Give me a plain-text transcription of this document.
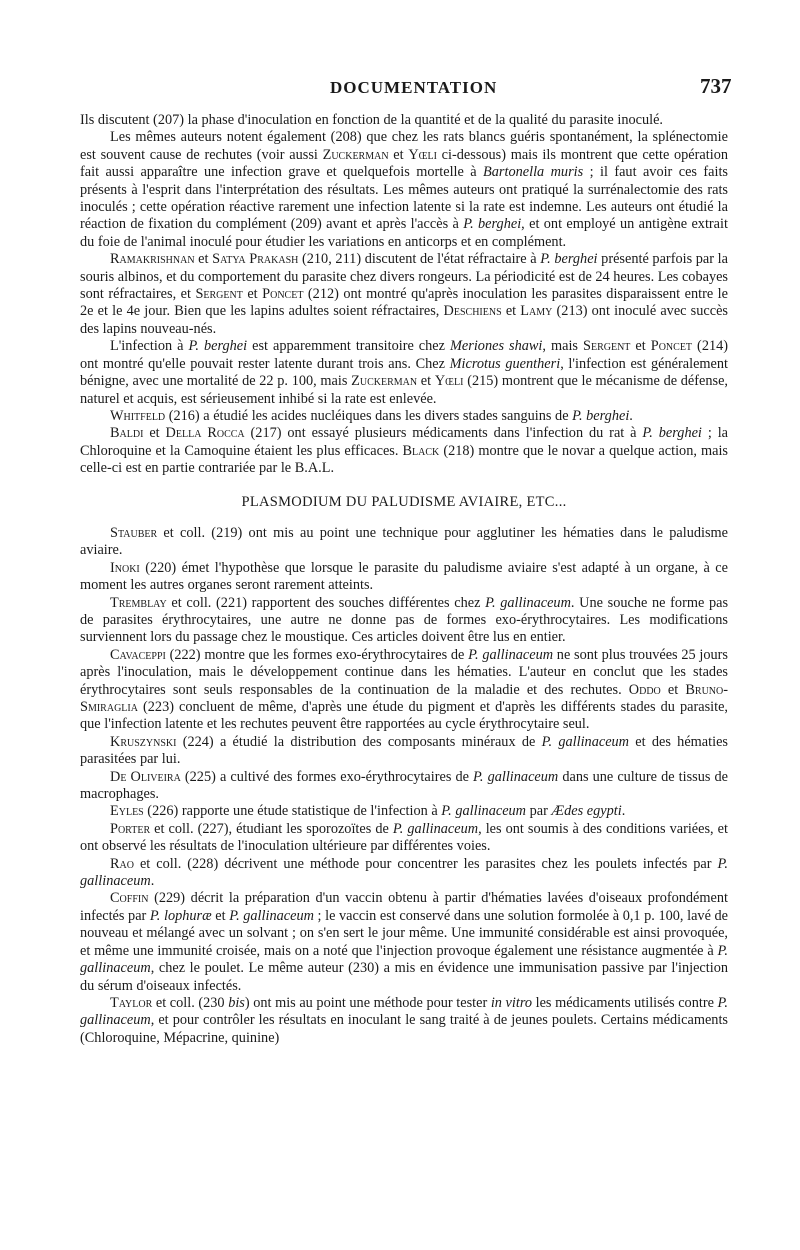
DOCUMENTATION	737

Ils discutent (207) la phase d'inoculation en fonction de la quantité et de la qualité du parasite inoculé.

Les mêmes auteurs notent également (208) que chez les rats blancs guéris spontanément, la splénectomie est souvent cause de rechutes (voir aussi Zuckerman et Yœli ci-dessous) mais ils montrent que cette opération fait aussi apparaître une infection grave et quelquefois mortelle à Bartonella muris ; il faut avoir ces faits présents à l'esprit dans l'interprétation des résultats. Les mêmes auteurs ont pratiqué la surrénalectomie des rats inoculés ; cette opération réactive rarement une infection latente si la rate est indemne. Les auteurs ont étudié la réaction de fixation du complément (209) avant et après l'accès à P. berghei, et ont employé un antigène extrait du foie de l'animal inoculé pour étudier les variations en anticorps et en complément.

Ramakrishnan et Satya Prakash (210, 211) discutent de l'état réfractaire à P. berghei présenté parfois par la souris albinos, et du comportement du parasite chez divers rongeurs. La périodicité est de 24 heures. Les cobayes sont réfractaires, et Sergent et Poncet (212) ont montré qu'après inoculation les parasites disparaissent entre le 2e et le 4e jour. Bien que les lapins adultes soient réfractaires, Deschiens et Lamy (213) ont inoculé avec succès des lapins nouveau-nés.

L'infection à P. berghei est apparemment transitoire chez Meriones shawi, mais Sergent et Poncet (214) ont montré qu'elle pouvait rester latente durant trois ans. Chez Microtus guentheri, l'infection est généralement bénigne, avec une mortalité de 22 p. 100, mais Zuckerman et Yœli (215) montrent que le mécanisme de défense, naturel et acquis, est sérieusement inhibé si la rate est enlevée.

Whitfeld (216) a étudié les acides nucléiques dans les divers stades sanguins de P. berghei.

Baldi et Della Rocca (217) ont essayé plusieurs médicaments dans l'infection du rat à P. berghei ; la Chloroquine et la Camoquine étaient les plus efficaces. Black (218) montre que le novar a quelque action, mais celle-ci est en partie contrariée par le B.A.L.

PLASMODIUM DU PALUDISME AVIAIRE, ETC...

Stauber et coll. (219) ont mis au point une technique pour agglutiner les hématies dans le paludisme aviaire.

Inoki (220) émet l'hypothèse que lorsque le parasite du paludisme aviaire s'est adapté à un organe, à ce moment les autres organes seront rarement atteints.

Tremblay et coll. (221) rapportent des souches différentes chez P. gallinaceum. Une souche ne forme pas de parasites érythrocytaires, une autre ne donne pas de formes exo-érythrocytaires. Les modifications surviennent lors du passage chez le moustique. Ces articles doivent être lus en entier.

Cavaceppi (222) montre que les formes exo-érythrocytaires de P. gallinaceum ne sont plus trouvées 25 jours après l'inoculation, mais le développement continue dans les hématies. L'auteur en conclut que les stades érythrocytaires sont seuls responsables de la continuation de la maladie et des rechutes. Oddo et Bruno-Smiraglia (223) concluent de même, d'après une étude du pigment et d'après les différents stades du parasite, que l'infection latente et les rechutes peuvent être rapportées au cycle érythrocytaire seul.

Kruszynski (224) a étudié la distribution des composants minéraux de P. gallinaceum et des hématies parasitées par lui.

De Oliveira (225) a cultivé des formes exo-érythrocytaires de P. gallinaceum dans une culture de tissus de macrophages.

Eyles (226) rapporte une étude statistique de l'infection à P. gallinaceum par Ædes egypti.

Porter et coll. (227), étudiant les sporozoïtes de P. gallinaceum, les ont soumis à des conditions variées, et ont observé les résultats de l'inoculation ultérieure par différentes voies.

Rao et coll. (228) décrivent une méthode pour concentrer les parasites chez les poulets infectés par P. gallinaceum.

Coffin (229) décrit la préparation d'un vaccin obtenu à partir d'hématies lavées d'oiseaux profondément infectés par P. lophuræ et P. gallinaceum ; le vaccin est conservé dans une solution formolée à 0,1 p. 100, lavé de nouveau et mélangé avec un solvant ; on s'en sert le jour même. Une immunité considérable est ainsi provoquée, et même une immunité croisée, mais on a noté que l'injection provoque également une résistance augmentée à P. gallinaceum, chez le poulet. Le même auteur (230) a mis en évidence une immunisation passive par l'injection du sérum d'oiseaux infectés.

Taylor et coll. (230 bis) ont mis au point une méthode pour tester in vitro les médicaments utilisés contre P. gallinaceum, et pour contrôler les résultats en inoculant le sang traité à de jeunes poulets. Certains médicaments (Chloroquine, Mépacrine, quinine)
